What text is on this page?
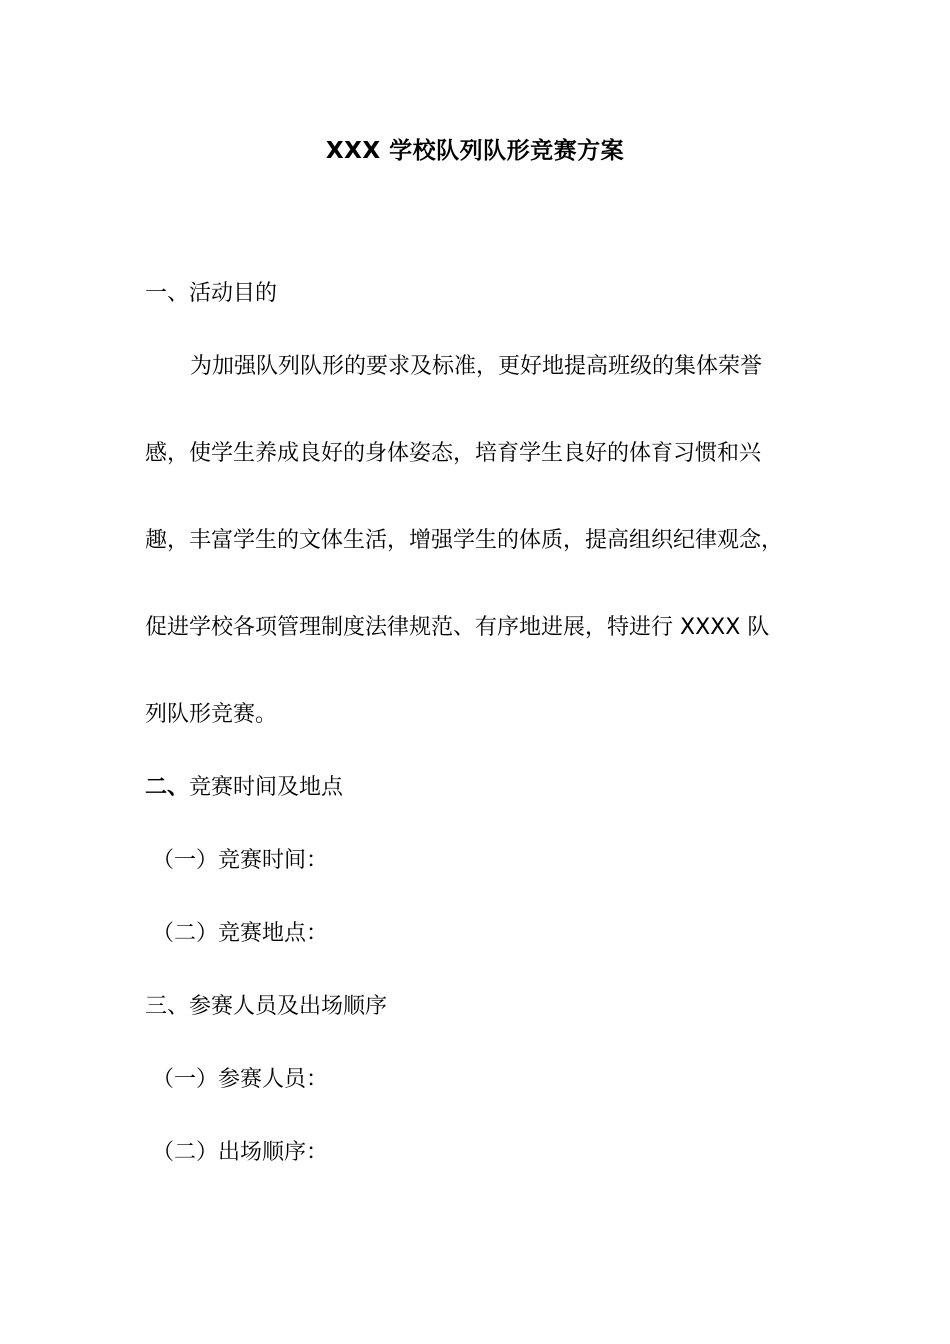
XXX 学校队列队形竞赛方案

一、活动目的

为加强队列队形的要求及标准，更好地提高班级的集体荣誉

感，使学生养成良好的身体姿态，培育学生良好的体育习惯和兴

趣，丰富学生的文体生活，增强学生的体质，提高组织纪律观念，

促进学校各项管理制度法律规范、有序地进展，特进行 XXXX 队

列队形竞赛。

二、竞赛时间及地点

（一）竞赛时间：

（二）竞赛地点：

三、参赛人员及出场顺序

（一）参赛人员：

（二）出场顺序：
